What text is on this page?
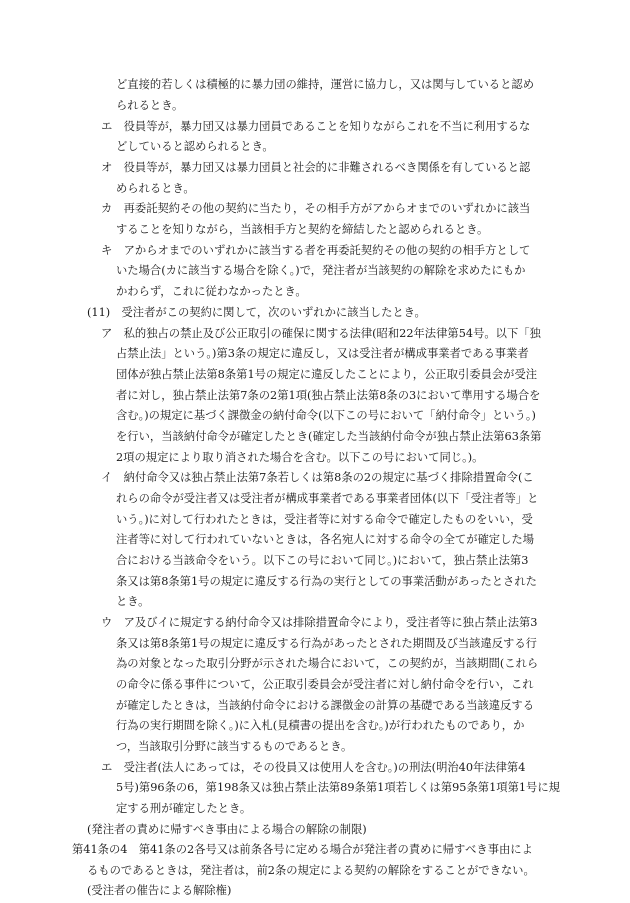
ど直接的若しくは積極的に暴力団の維持，運営に協力し，又は関与していると認め
られるとき。
エ　役員等が，暴力団又は暴力団員であることを知りながらこれを不当に利用するな
どしていると認められるとき。
オ　役員等が，暴力団又は暴力団員と社会的に非難されるべき関係を有していると認
められるとき。
カ　再委託契約その他の契約に当たり，その相手方がアからオまでのいずれかに該当
することを知りながら，当該相手方と契約を締結したと認められるとき。
キ　アからオまでのいずれかに該当する者を再委託契約その他の契約の相手方として
いた場合(カに該当する場合を除く。)で，発注者が当該契約の解除を求めたにもか
かわらず，これに従わなかったとき。
(11)　受注者がこの契約に関して，次のいずれかに該当したとき。
ア　私的独占の禁止及び公正取引の確保に関する法律(昭和22年法律第54号。以下「独
占禁止法」という。)第3条の規定に違反し，又は受注者が構成事業者である事業者
団体が独占禁止法第8条第1号の規定に違反したことにより，公正取引委員会が受注
者に対し，独占禁止法第7条の2第1項(独占禁止法第8条の3において準用する場合を
含む。)の規定に基づく課徴金の納付命令(以下この号において「納付命令」という。)
を行い，当該納付命令が確定したとき(確定した当該納付命令が独占禁止法第63条第
2項の規定により取り消された場合を含む。以下この号において同じ。)。
イ　納付命令又は独占禁止法第7条若しくは第8条の2の規定に基づく排除措置命令(こ
れらの命令が受注者又は受注者が構成事業者である事業者団体(以下「受注者等」と
いう。)に対して行われたときは，受注者等に対する命令で確定したものをいい，受
注者等に対して行われていないときは，各名宛人に対する命令の全てが確定した場
合における当該命令をいう。以下この号において同じ。)において，独占禁止法第3
条又は第8条第1号の規定に違反する行為の実行としての事業活動があったとされた
とき。
ウ　ア及びイに規定する納付命令又は排除措置命令により，受注者等に独占禁止法第3
条又は第8条第1号の規定に違反する行為があったとされた期間及び当該違反する行
為の対象となった取引分野が示された場合において，この契約が，当該期間(これら
の命令に係る事件について，公正取引委員会が受注者に対し納付命令を行い，これ
が確定したときは，当該納付命令における課徴金の計算の基礎である当該違反する
行為の実行期間を除く。)に入札(見積書の提出を含む。)が行われたものであり，か
つ，当該取引分野に該当するものであるとき。
エ　受注者(法人にあっては，その役員又は使用人を含む。)の刑法(明治40年法律第4
5号)第96条の6，第198条又は独占禁止法第89条第1項若しくは第95条第1項第1号に規
定する刑が確定したとき。
(発注者の責めに帰すべき事由による場合の解除の制限)
第41条の4　第41条の2各号又は前条各号に定める場合が発注者の責めに帰すべき事由によ
るものであるときは，発注者は，前2条の規定による契約の解除をすることができない。
(受注者の催告による解除権)
